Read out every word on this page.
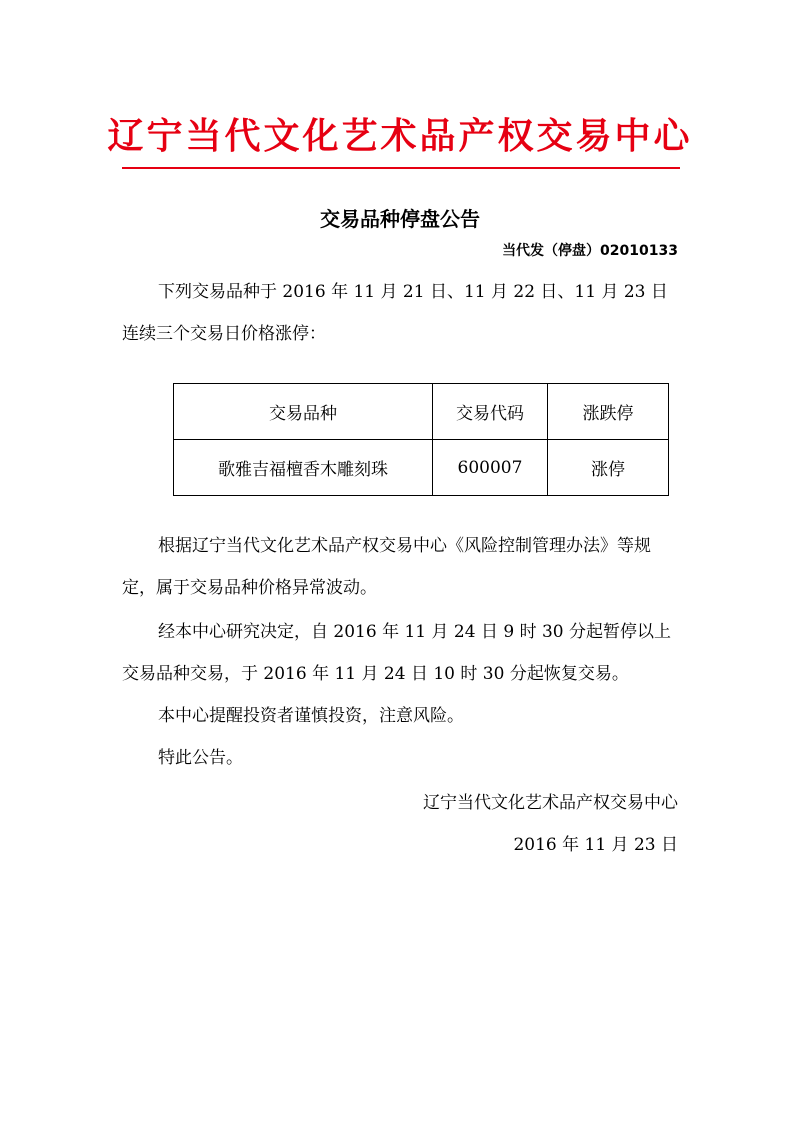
辽宁当代文化艺术品产权交易中心
交易品种停盘公告
当代发（停盘）02010133

下列交易品种于 2016 年 11 月 21 日、11 月 22 日、11 月 23 日连续三个交易日价格涨停：

交易品种	交易代码	涨跌停
歌雅吉福檀香木雕刻珠	600007	涨停

根据辽宁当代文化艺术品产权交易中心《风险控制管理办法》等规定，属于交易品种价格异常波动。

经本中心研究决定，自 2016 年 11 月 24 日 9 时 30 分起暂停以上交易品种交易，于 2016 年 11 月 24 日 10 时 30 分起恢复交易。

本中心提醒投资者谨慎投资，注意风险。

特此公告。

辽宁当代文化艺术品产权交易中心
2016 年 11 月 23 日
